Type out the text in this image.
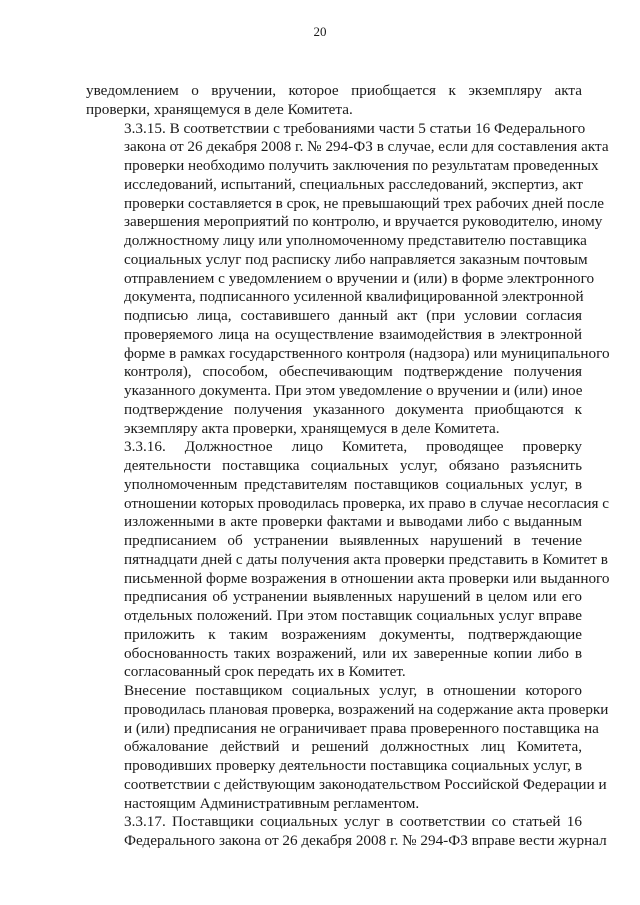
20

уведомлением о вручении, которое приобщается к экземпляру акта
проверки, хранящемуся в деле Комитета.

3.3.15. В соответствии с требованиями части 5 статьи 16 Федерального
закона от 26 декабря 2008 г. № 294-ФЗ в случае, если для составления акта
проверки необходимо получить заключения по результатам проведенных
исследований, испытаний, специальных расследований, экспертиз, акт
проверки составляется в срок, не превышающий трех рабочих дней после
завершения мероприятий по контролю, и вручается руководителю, иному
должностному лицу или уполномоченному представителю поставщика
социальных услуг под расписку либо направляется заказным почтовым
отправлением с уведомлением о вручении и (или) в форме электронного
документа, подписанного усиленной квалифицированной электронной
подписью лица, составившего данный акт (при условии согласия
проверяемого лица на осуществление взаимодействия в электронной
форме в рамках государственного контроля (надзора) или муниципального
контроля), способом, обеспечивающим подтверждение получения
указанного документа. При этом уведомление о вручении и (или) иное
подтверждение получения указанного документа приобщаются к
экземпляру акта проверки, хранящемуся в деле Комитета.

3.3.16. Должностное лицо Комитета, проводящее проверку
деятельности поставщика социальных услуг, обязано разъяснить
уполномоченным представителям поставщиков социальных услуг, в
отношении которых проводилась проверка, их право в случае несогласия с
изложенными в акте проверки фактами и выводами либо с выданным
предписанием об устранении выявленных нарушений в течение
пятнадцати дней с даты получения акта проверки представить в Комитет в
письменной форме возражения в отношении акта проверки или выданного
предписания об устранении выявленных нарушений в целом или его
отдельных положений. При этом поставщик социальных услуг вправе
приложить к таким возражениям документы, подтверждающие
обоснованность таких возражений, или их заверенные копии либо в
согласованный срок передать их в Комитет.

Внесение поставщиком социальных услуг, в отношении которого
проводилась плановая проверка, возражений на содержание акта проверки
и (или) предписания не ограничивает права проверенного поставщика на
обжалование действий и решений должностных лиц Комитета,
проводивших проверку деятельности поставщика социальных услуг, в
соответствии с действующим законодательством Российской Федерации и
настоящим Административным регламентом.

3.3.17. Поставщики социальных услуг в соответствии со статьей 16
Федерального закона от 26 декабря 2008 г. № 294-ФЗ вправе вести журнал
